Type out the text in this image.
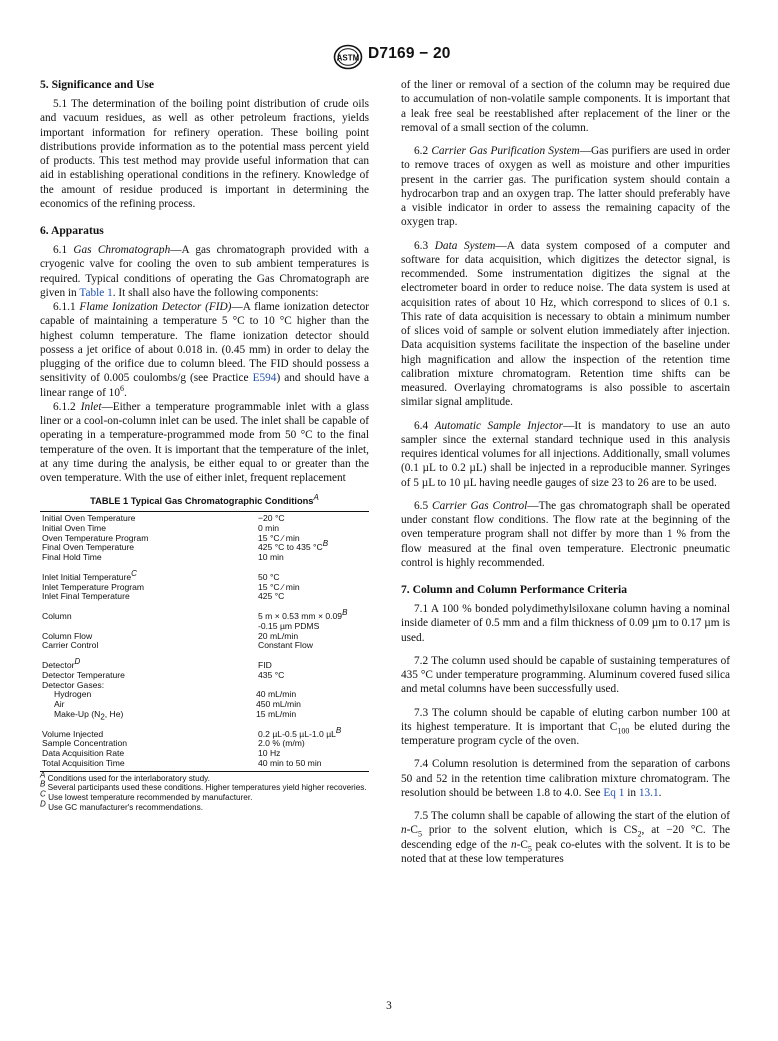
ASTM D7169 − 20
5. Significance and Use

5.1 The determination of the boiling point distribution of crude oils and vacuum residues, as well as other petroleum fractions, yields important information for refinery operation. These boiling point distributions provide information as to the potential mass percent yield of products. This test method may provide useful information that can aid in establishing operational conditions in the refinery. Knowledge of the amount of residue produced is important in determining the economics of the refining process.

6. Apparatus

6.1 Gas Chromatograph—A gas chromatograph provided with a cryogenic valve for cooling the oven to sub ambient temperatures is required. Typical conditions of operating the Gas Chromatograph are given in Table 1. It shall also have the following components:

6.1.1 Flame Ionization Detector (FID)—A flame ionization detector capable of maintaining a temperature 5 °C to 10 °C higher than the highest column temperature. The flame ionization detector should possess a jet orifice of about 0.018 in. (0.45 mm) in order to delay the plugging of the orifice due to column bleed. The FID should possess a sensitivity of 0.005 coulombs/g (see Practice E594) and should have a linear range of $10^6$.

6.1.2 Inlet—Either a temperature programmable inlet with a glass liner or a cool-on-column inlet can be used. The inlet shall be capable of operating in a temperature-programmed mode from 50 °C to the final temperature of the oven. It is important that the temperature of the inlet, at any time during the analysis, be either equal to or greater than the oven temperature. With the use of either inlet, frequent replacement

TABLE 1 Typical Gas Chromatographic Conditions$^A$
Initial Oven Temperature	−20 °C
Initial Oven Time	0 min
Oven Temperature Program	15 °C ⁄ min
Final Oven Temperature	425 °C to 435 $^\circ C^B$
Final Hold Time	10 min
Inlet Initial Temperature$^C$	50 °C
Inlet Temperature Program	15 °C ⁄ min
Inlet Final Temperature	425 °C
Column	5 m × 0.53 mm × $0.09^B$
-0.15 µm PDMS
Column Flow	20 mL/min
Carrier Control	Constant Flow
Detector$^D$	FID
Detector Temperature	435 °C
Detector Gases:
Hydrogen	40 mL/min
Air	450 mL/min
Make-Up ($N_2$, He)	15 mL/min
Volume Injected	0.2 µL-0.5 µL-1.0 µL$^B$
Sample Concentration	2.0 % (m/m)
Data Acquisition Rate	10 Hz
Total Acquisition Time	40 min to 50 min
$^A$ Conditions used for the interlaboratory study.
$^B$ Several participants used these conditions. Higher temperatures yield higher recoveries.
$^C$ Use lowest temperature recommended by manufacturer.
$^D$ Use GC manufacturer's recommendations.

of the liner or removal of a section of the column may be required due to accumulation of non-volatile sample components. It is important that a leak free seal be reestablished after replacement of the liner or the removal of a small section of the column.

6.2 Carrier Gas Purification System—Gas purifiers are used in order to remove traces of oxygen as well as moisture and other impurities present in the carrier gas. The purification system should contain a hydrocarbon trap and an oxygen trap. The latter should preferably have a visible indicator in order to assess the remaining capacity of the oxygen trap.

6.3 Data System—A data system composed of a computer and software for data acquisition, which digitizes the detector signal, is recommended. Some instrumentation digitizes the signal at the electrometer board in order to reduce noise. The data system is used at acquisition rates of about 10 Hz, which correspond to slices of 0.1 s. This rate of data acquisition is necessary to obtain a minimum number of slices void of sample or solvent elution immediately after injection. Data acquisition systems facilitate the inspection of the baseline under high magnification and allow the inspection of the retention time calibration mixture chromatogram. Retention time shifts can be measured. Overlaying chromatograms is also possible to ascertain similar signal amplitude.

6.4 Automatic Sample Injector—It is mandatory to use an auto sampler since the external standard technique used in this analysis requires identical volumes for all injections. Additionally, small volumes (0.1 µL to 0.2 µL) shall be injected in a reproducible manner. Syringes of 5 µL to 10 µL having needle gauges of size 23 to 26 are to be used.

6.5 Carrier Gas Control—The gas chromatograph shall be operated under constant flow conditions. The flow rate at the beginning of the oven temperature program shall not differ by more than 1 % from the flow measured at the final oven temperature. Electronic pneumatic control is highly recommended.

7. Column and Column Performance Criteria

7.1 A 100 % bonded polydimethylsiloxane column having a nominal inside diameter of 0.5 mm and a film thickness of 0.09 µm to 0.17 µm is used.

7.2 The column used should be capable of sustaining temperatures of 435 °C under temperature programming. Aluminum covered fused silica and metal columns have been successfully used.

7.3 The column should be capable of eluting carbon number 100 at its highest temperature. It is important that $C_{100}$ be eluted during the temperature program cycle of the oven.

7.4 Column resolution is determined from the separation of carbons 50 and 52 in the retention time calibration mixture chromatogram. The resolution should be between 1.8 to 4.0. See Eq 1 in 13.1.

7.5 The column shall be capable of allowing the start of the elution of $n-C_5$ prior to the solvent elution, which is $CS_2$, at −20 °C. The descending edge of the $n-C_5$ peak co-elutes with the solvent. It is to be noted that at these low temperatures

3
